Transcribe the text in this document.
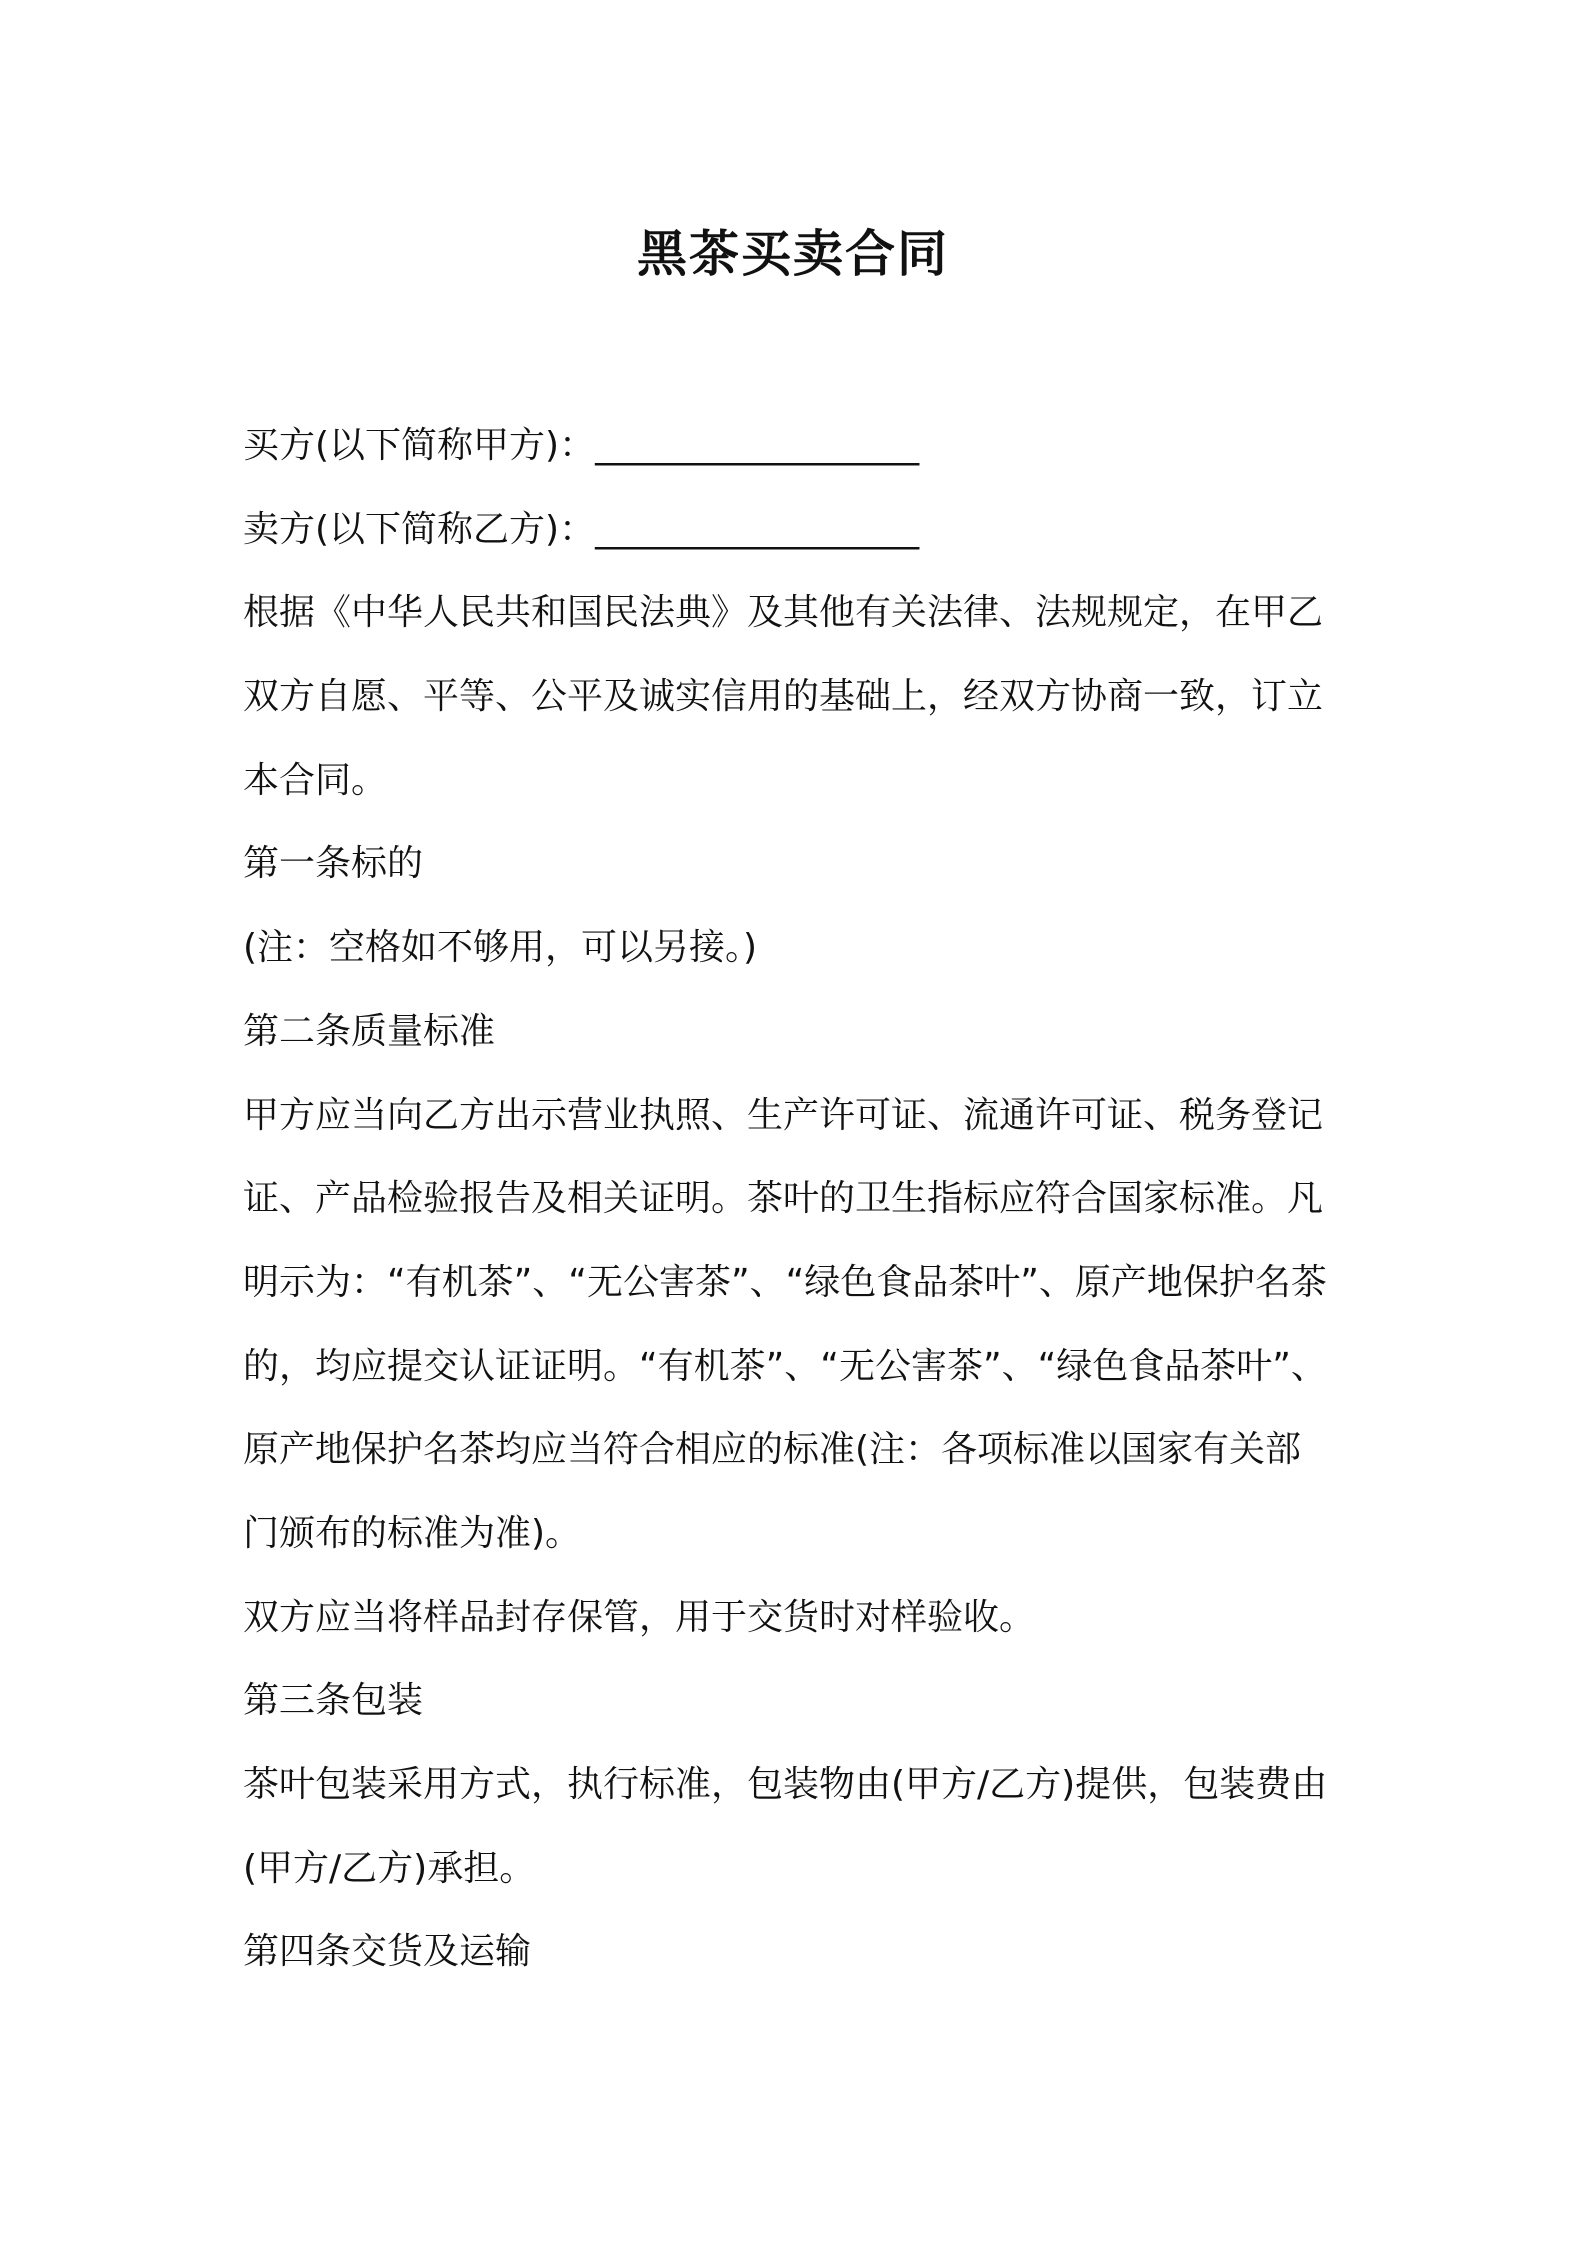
黑茶买卖合同
买方(以下简称甲方)：__________________
卖方(以下简称乙方)：__________________
根据《中华人民共和国民法典》及其他有关法律、法规规定，在甲乙
双方自愿、平等、公平及诚实信用的基础上，经双方协商一致，订立
本合同。
第一条标的
(注：空格如不够用，可以另接。)
第二条质量标准
甲方应当向乙方出示营业执照、生产许可证、流通许可证、税务登记
证、产品检验报告及相关证明。茶叶的卫生指标应符合国家标准。凡
明示为：“有机茶”、“无公害茶”、“绿色食品茶叶”、原产地保护名茶
的，均应提交认证证明。“有机茶”、“无公害茶”、“绿色食品茶叶”、
原产地保护名茶均应当符合相应的标准(注：各项标准以国家有关部
门颁布的标准为准)。
双方应当将样品封存保管，用于交货时对样验收。
第三条包装
茶叶包装采用方式，执行标准，包装物由(甲方/乙方)提供，包装费由
(甲方/乙方)承担。
第四条交货及运输
